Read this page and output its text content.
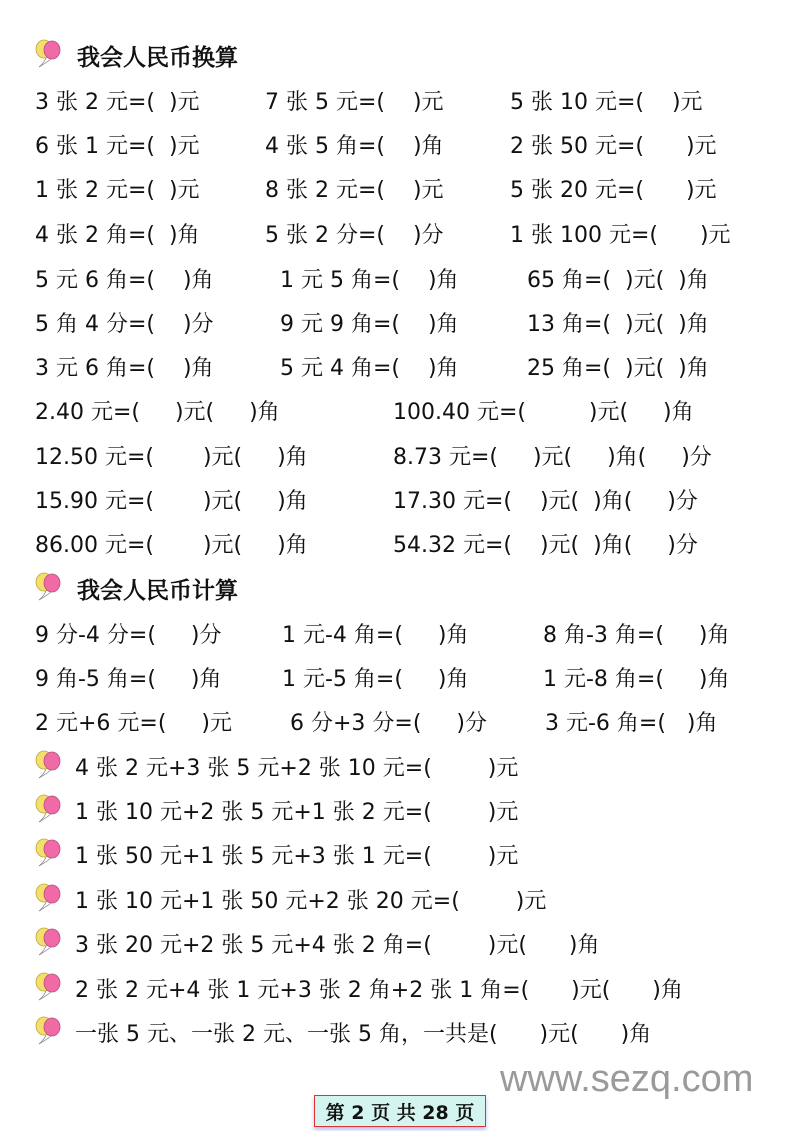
我会人民币换算
3 张 2 元=(  )元	7 张 5 元=(    )元	5 张 10 元=(    )元
6 张 1 元=(  )元	4 张 5 角=(    )角	2 张 50 元=(      )元
1 张 2 元=(  )元	8 张 2 元=(    )元	5 张 20 元=(      )元
4 张 2 角=(  )角	5 张 2 分=(    )分	1 张 100 元=(      )元
5 元 6 角=(    )角	1 元 5 角=(    )角	65 角=(  )元(  )角
5 角 4 分=(    )分	9 元 9 角=(    )角	13 角=(  )元(  )角
3 元 6 角=(    )角	5 元 4 角=(    )角	25 角=(  )元(  )角
2.40 元=(     )元(     )角	100.40 元=(         )元(     )角
12.50 元=(       )元(     )角	8.73 元=(     )元(     )角(     )分
15.90 元=(       )元(     )角	17.30 元=(    )元(  )角(     )分
86.00 元=(       )元(     )角	54.32 元=(    )元(  )角(     )分
我会人民币计算
9 分-4 分=(     )分	1 元-4 角=(     )角	8 角-3 角=(     )角
9 角-5 角=(     )角	1 元-5 角=(     )角	1 元-8 角=(     )角
2 元+6 元=(     )元	6 分+3 分=(     )分	3 元-6 角=(   )角
4 张 2 元+3 张 5 元+2 张 10 元=(        )元
1 张 10 元+2 张 5 元+1 张 2 元=(        )元
1 张 50 元+1 张 5 元+3 张 1 元=(        )元
1 张 10 元+1 张 50 元+2 张 20 元=(        )元
3 张 20 元+2 张 5 元+4 张 2 角=(        )元(      )角
2 张 2 元+4 张 1 元+3 张 2 角+2 张 1 角=(      )元(      )角
一张 5 元、一张 2 元、一张 5 角，一共是(      )元(      )角
www.sezq.com
第 2 页 共 28 页
